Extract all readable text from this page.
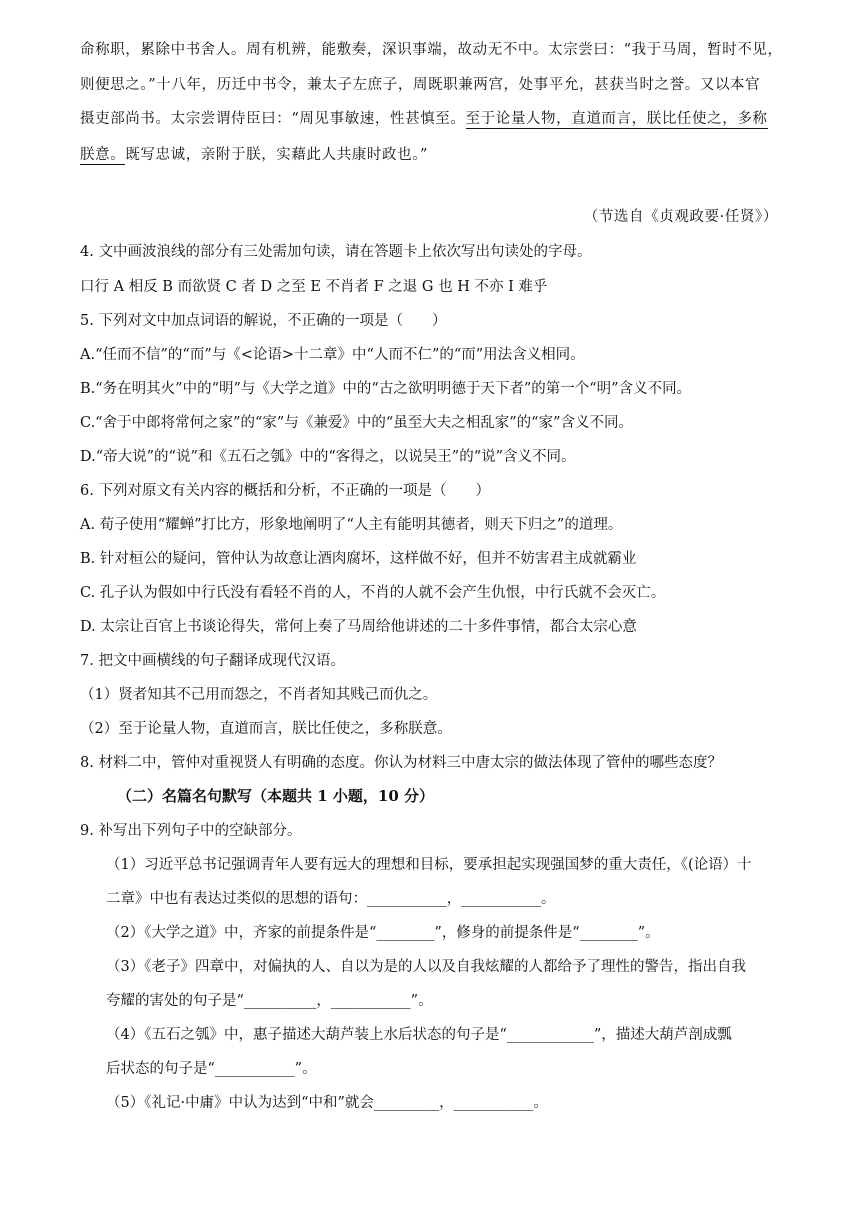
命称职，累除中书舍人。周有机辨，能敷奏，深识事端，故动无不中。太宗尝曰：“我于马周，暂时不见，
则便思之。”十八年，历迁中书令，兼太子左庶子，周既职兼两宫，处事平允，甚获当时之誉。又以本官
摄吏部尚书。太宗尝谓侍臣曰：“周见事敏速，性甚慎至。至于论量人物，直道而言，朕比任使之，多称
朕意。既写忠诚，亲附于朕，实藉此人共康时政也。”
（节选自《贞观政要·任贤》）
4. 文中画波浪线的部分有三处需加句读，请在答题卡上依次写出句读处的字母。
口行 A 相反 B 而欲贤 C 者 D 之至 E 不肖者 F 之退 G 也 H 不亦 I 难乎
5. 下列对文中加点词语的解说，不正确的一项是（　　）
A.“任而不信”的“而”与《<论语>十二章》中“人而不仁”的“而”用法含义相同。
B.“务在明其火”中的“明”与《大学之道》中的“古之欲明明德于天下者”的第一个“明”含义不同。
C.“舍于中郎将常何之家”的“家”与《兼爱》中的“虽至大夫之相乱家”的“家”含义不同。
D.“帝大说”的“说”和《五石之瓠》中的“客得之，以说吴王”的“说”含义不同。
6. 下列对原文有关内容的概括和分析，不正确的一项是（　　）
A. 荀子使用“耀蝉”打比方，形象地阐明了“人主有能明其德者，则天下归之”的道理。
B. 针对桓公的疑问，管仲认为故意让酒肉腐坏，这样做不好，但并不妨害君主成就霸业
C. 孔子认为假如中行氏没有看轻不肖的人，不肖的人就不会产生仇恨，中行氏就不会灭亡。
D. 太宗让百官上书谈论得失，常何上奏了马周给他讲述的二十多件事情，都合太宗心意
7. 把文中画横线的句子翻译成现代汉语。
（1）贤者知其不己用而怨之，不肖者知其贱己而仇之。
（2）至于论量人物，直道而言，朕比任使之，多称朕意。
8. 材料二中，管仲对重视贤人有明确的态度。你认为材料三中唐太宗的做法体现了管仲的哪些态度？
（二）名篇名句默写（本题共 1 小题，10 分）
9. 补写出下列句子中的空缺部分。
（1）习近平总书记强调青年人要有远大的理想和目标，要承担起实现强国梦的重大责任，《(论语）十
二章》中也有表达过类似的思想的语句：___________，___________。
（2）《大学之道》中，齐家的前提条件是“________”，修身的前提条件是“________”。
（3）《老子》四章中，对偏执的人、自以为是的人以及自我炫耀的人都给予了理性的警告，指出自我
夸耀的害处的句子是“__________，___________”。
（4）《五石之瓠》中，惠子描述大葫芦装上水后状态的句子是“____________”，描述大葫芦剖成瓢
后状态的句子是“___________”。
（5）《礼记·中庸》中认为达到“中和”就会_________，___________。
